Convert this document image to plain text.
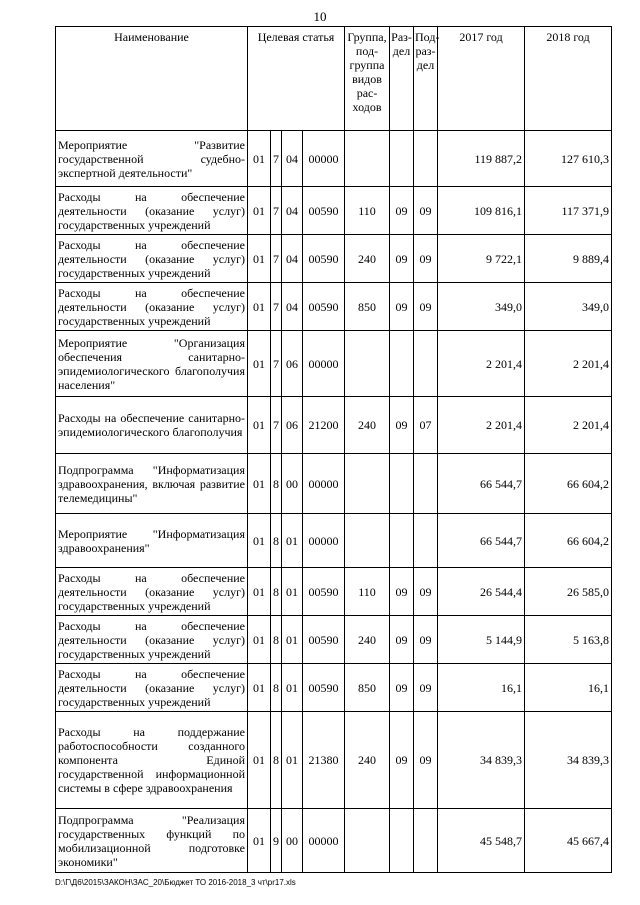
10
Наименование	Целевая статья				Группа, под-группа видов рас-ходов	Раз-дел	Под-раз-дел	2017 год	2018 год
Мероприятие "Развитие государственной судебно-экспертной деятельности"	01	7	04	00000				119 887,2	127 610,3
Расходы на обеспечение деятельности (оказание услуг) государственных учреждений	01	7	04	00590	110	09	09	109 816,1	117 371,9
Расходы на обеспечение деятельности (оказание услуг) государственных учреждений	01	7	04	00590	240	09	09	9 722,1	9 889,4
Расходы на обеспечение деятельности (оказание услуг) государственных учреждений	01	7	04	00590	850	09	09	349,0	349,0
Мероприятие "Организация обеспечения санитарно-эпидемиологического благополучия населения"	01	7	06	00000				2 201,4	2 201,4
Расходы на обеспечение санитарно-эпидемиологического благополучия	01	7	06	21200	240	09	07	2 201,4	2 201,4
Подпрограмма "Информатизация здравоохранения, включая развитие телемедицины"	01	8	00	00000				66 544,7	66 604,2
Мероприятие "Информатизация здравоохранения"	01	8	01	00000				66 544,7	66 604,2
Расходы на обеспечение деятельности (оказание услуг) государственных учреждений	01	8	01	00590	110	09	09	26 544,4	26 585,0
Расходы на обеспечение деятельности (оказание услуг) государственных учреждений	01	8	01	00590	240	09	09	5 144,9	5 163,8
Расходы на обеспечение деятельности (оказание услуг) государственных учреждений	01	8	01	00590	850	09	09	16,1	16,1
Расходы на поддержание работоспособности созданного компонента Единой государственной информационной системы в сфере здравоохранения	01	8	01	21380	240	09	09	34 839,3	34 839,3
Подпрограмма "Реализация государственных функций по мобилизационной подготовке экономики"	01	9	00	00000				45 548,7	45 667,4
D:\Г\Д6\2015\ЗАКОН\ЗАС_20\Бюджет ТО 2016-2018_3 чт\pr17.xls
